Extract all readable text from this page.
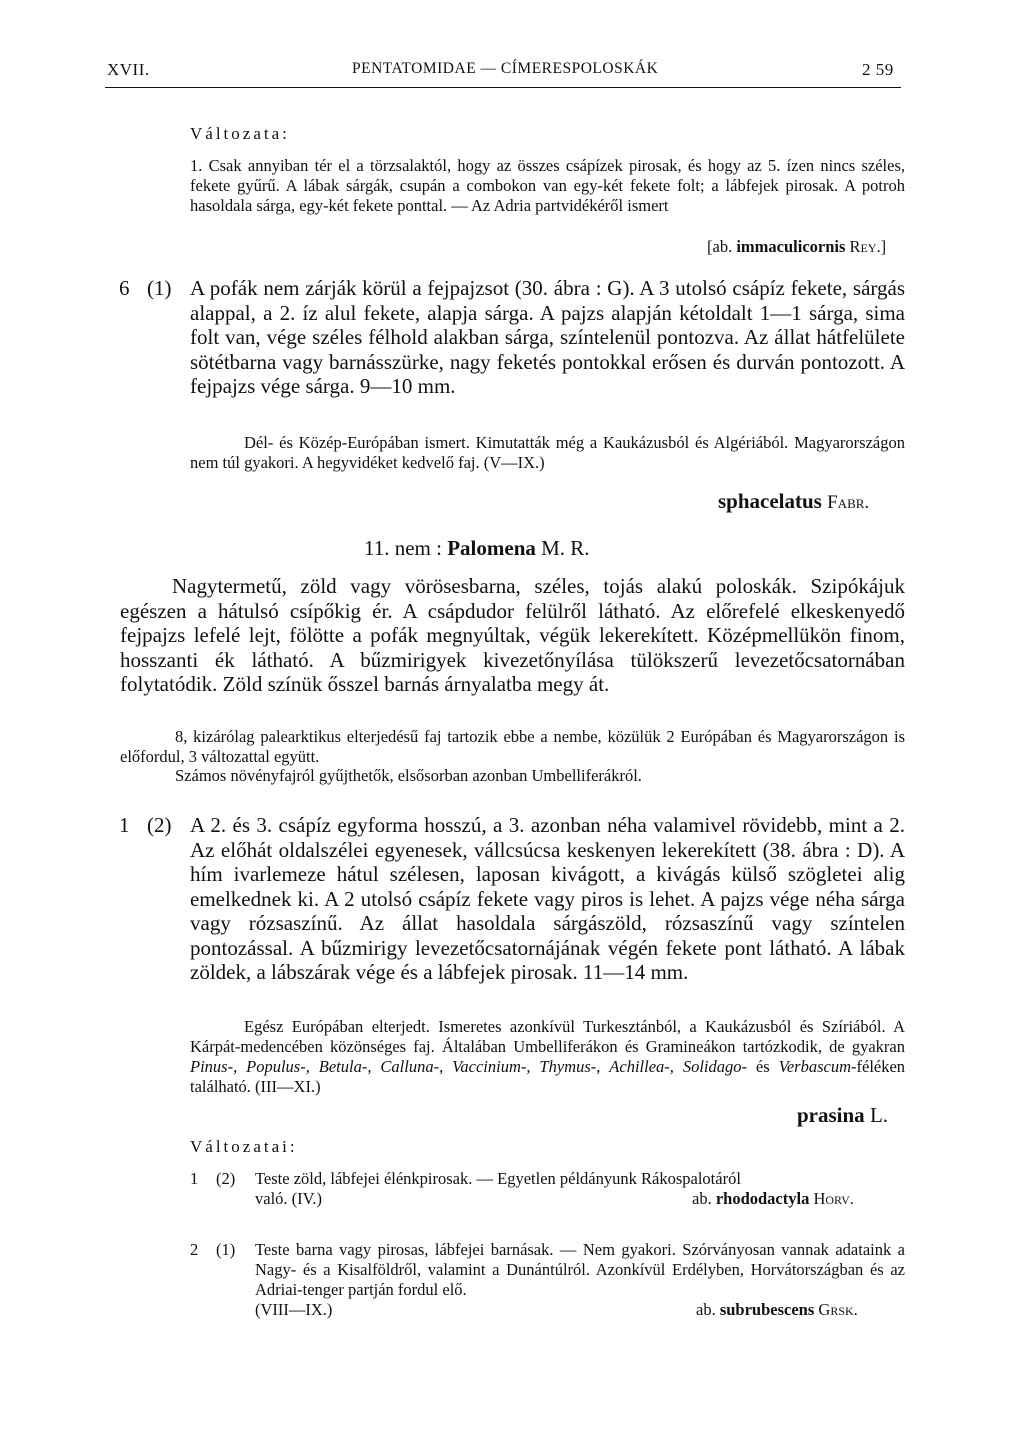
XVII.	PENTATOMIDAE — CÍMERESPOLOSKÁK	2 59
Változata:

1. Csak annyiban tér el a törzsalaktól, hogy az összes csápízek pirosak, és hogy az 5. ízen nincs széles, fekete gyűrű. A lábak sárgák, csupán a combokon van egy-két fekete folt; a lábfejek pirosak. A potroh hasoldala sárga, egy-két fekete ponttal. — Az Adria partvidékéről ismert

[ab. immaculicornis Rey.]
6 (1) A pofák nem zárják körül a fejpajzsot (30. ábra : G). A 3 utolsó csápíz fekete, sárgás alappal, a 2. íz alul fekete, alapja sárga. A pajzs alapján kétoldalt 1—1 sárga, sima folt van, vége széles félhold alakban sárga, színtelenül pontozva. Az állat hátfelülete sötétbarna vagy barnásszürke, nagy feketés pontokkal erősen és durván pontozott. A fejpajzs vége sárga. 9—10 mm.

Dél- és Közép-Európában ismert. Kimutatták még a Kaukázusból és Algériából. Magyarországon nem túl gyakori. A hegyvidéket kedvelő faj. (V—IX.)

sphacelatus Fabr.
11. nem : Palomena M. R.
Nagytermetű, zöld vagy vörösesbarna, széles, tojás alakú poloskák. Szipókájuk egészen a hátulsó csípőkig ér. A csápdudor felülről látható. Az előrefelé elkeskenyedő fejpajzs lefelé lejt, fölötte a pofák megnyúltak, végük lekerekített. Középmellükön finom, hosszanti ék látható. A bűzmirigyek kivezetőnyílása tülökszerű levezetőcsatornában folytatódik. Zöld színük ősszel barnás árnyalatba megy át.
8, kizárólag palearktikus elterjedésű faj tartozik ebbe a nembe, közülük 2 Európában és Magyarországon is előfordul, 3 változattal együtt.
Számos növényfajról gyűjthetők, elsősorban azonban Umbelliferákról.
1 (2) A 2. és 3. csápíz egyforma hosszú, a 3. azonban néha valamivel rövidebb, mint a 2. Az előhát oldalszélei egyenesek, vállcsúcsa keskenyen lekerekített (38. ábra : D). A hím ivarlemeze hátul szélesen, laposan kivágott, a kivágás külső szögletei alig emelkednek ki. A 2 utolsó csápíz fekete vagy piros is lehet. A pajzs vége néha sárga vagy rózsaszínű. Az állat hasoldala sárgászöld, rózsaszínű vagy színtelen pontozással. A bűzmirigy levezetőcsatornájának végén fekete pont látható. A lábak zöldek, a lábszárak vége és a lábfejek pirosak. 11—14 mm.

Egész Európában elterjedt. Ismeretes azonkívül Turkesztánból, a Kaukázusból és Szíriából. A Kárpát-medencében közönséges faj. Általában Umbelliferákon és Gramineákon tartózkodik, de gyakran Pinus-, Populus-, Betula-, Calluna-, Vaccinium-, Thymus-, Achillea-, Solidago- és Verbascum-féléken található. (III—XI.)

prasina L.
Változatai:
1 (2) Teste zöld, lábfejei élénkpirosak. — Egyetlen példányunk Rákospalotáról
való. (IV.)	ab. rhododactyla Horv.
2 (1) Teste barna vagy pirosas, lábfejei barnásak. — Nem gyakori. Szórványosan vannak adataink a Nagy- és a Kisalföldről, valamint a Dunántúlról. Azonkívül Erdélyben, Horvátországban és az Adriai-tenger partján fordul elő.
(VIII—IX.)	ab. subrubescens Grsk.
